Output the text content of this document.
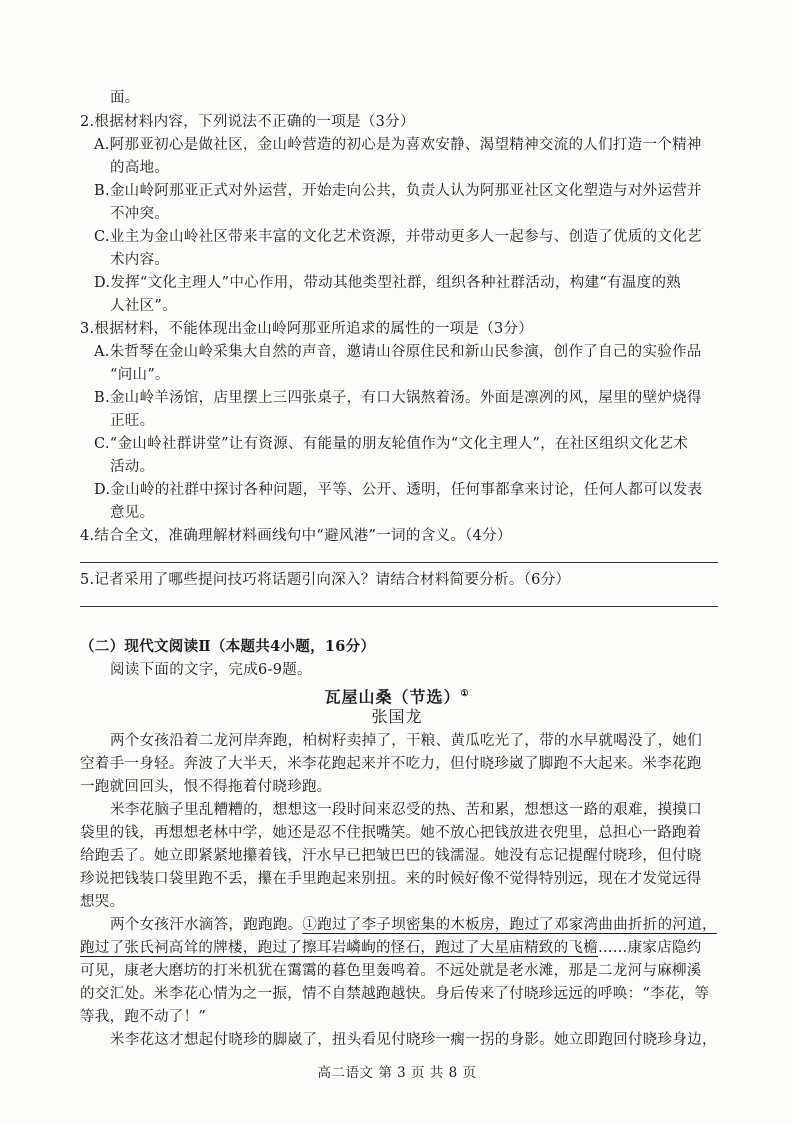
面。
2.根据材料内容，下列说法不正确的一项是（3分）
A.阿那亚初心是做社区，金山岭营造的初心是为喜欢安静、渴望精神交流的人们打造一个精神
的高地。
B.金山岭阿那亚正式对外运营，开始走向公共，负责人认为阿那亚社区文化塑造与对外运营并
不冲突。
C.业主为金山岭社区带来丰富的文化艺术资源，并带动更多人一起参与、创造了优质的文化艺
术内容。
D.发挥“文化主理人”中心作用，带动其他类型社群，组织各种社群活动，构建“有温度的熟
人社区”。
3.根据材料，不能体现出金山岭阿那亚所追求的属性的一项是（3分）
A.朱哲琴在金山岭采集大自然的声音，邀请山谷原住民和新山民参演，创作了自己的实验作品
“问山”。
B.金山岭羊汤馆，店里摆上三四张桌子，有口大锅熬着汤。外面是凛冽的风，屋里的壁炉烧得
正旺。
C.“金山岭社群讲堂”让有资源、有能量的朋友轮值作为“文化主理人”，在社区组织文化艺术
活动。
D.金山岭的社群中探讨各种问题，平等、公开、透明，任何事都拿来讨论，任何人都可以发表
意见。
4.结合全文，准确理解材料画线句中“避风港”一词的含义。（4分）
5.记者采用了哪些提问技巧将话题引向深入？请结合材料简要分析。（6分）
（二）现代文阅读Ⅱ（本题共4小题，16分）
阅读下面的文字，完成6-9题。
瓦屋山桑（节选）①
张国龙
两个女孩沿着二龙河岸奔跑，柏树籽卖掉了，干粮、黄瓜吃光了，带的水早就喝没了，她们
空着手一身轻。奔波了大半天，米李花跑起来并不吃力，但付晓珍崴了脚跑不大起来。米李花跑
一跑就回回头，恨不得拖着付晓珍跑。
米李花脑子里乱糟糟的，想想这一段时间来忍受的热、苦和累，想想这一路的艰难，摸摸口
袋里的钱，再想想老林中学，她还是忍不住抿嘴笑。她不放心把钱放进衣兜里，总担心一路跑着
给跑丢了。她立即紧紧地攥着钱，汗水早已把皱巴巴的钱濡湿。她没有忘记提醒付晓珍，但付晓
珍说把钱装口袋里跑不丢，攥在手里跑起来别扭。来的时候好像不觉得特别远，现在才发觉远得
想哭。
两个女孩汗水滴答，跑跑跑。①跑过了李子坝密集的木板房，跑过了邓家湾曲曲折折的河道，
跑过了张氏祠高耸的牌楼，跑过了擦耳岩嶙峋的怪石，跑过了大星庙精致的飞檐……康家店隐约
可见，康老大磨坊的打米机犹在霭霭的暮色里轰鸣着。不远处就是老水滩，那是二龙河与麻柳溪
的交汇处。米李花心情为之一振，情不自禁越跑越快。身后传来了付晓珍远远的呼唤：“李花，等
等我，跑不动了！”
米李花这才想起付晓珍的脚崴了，扭头看见付晓珍一瘸一拐的身影。她立即跑回付晓珍身边，
高二语文 第 3 页 共 8 页
